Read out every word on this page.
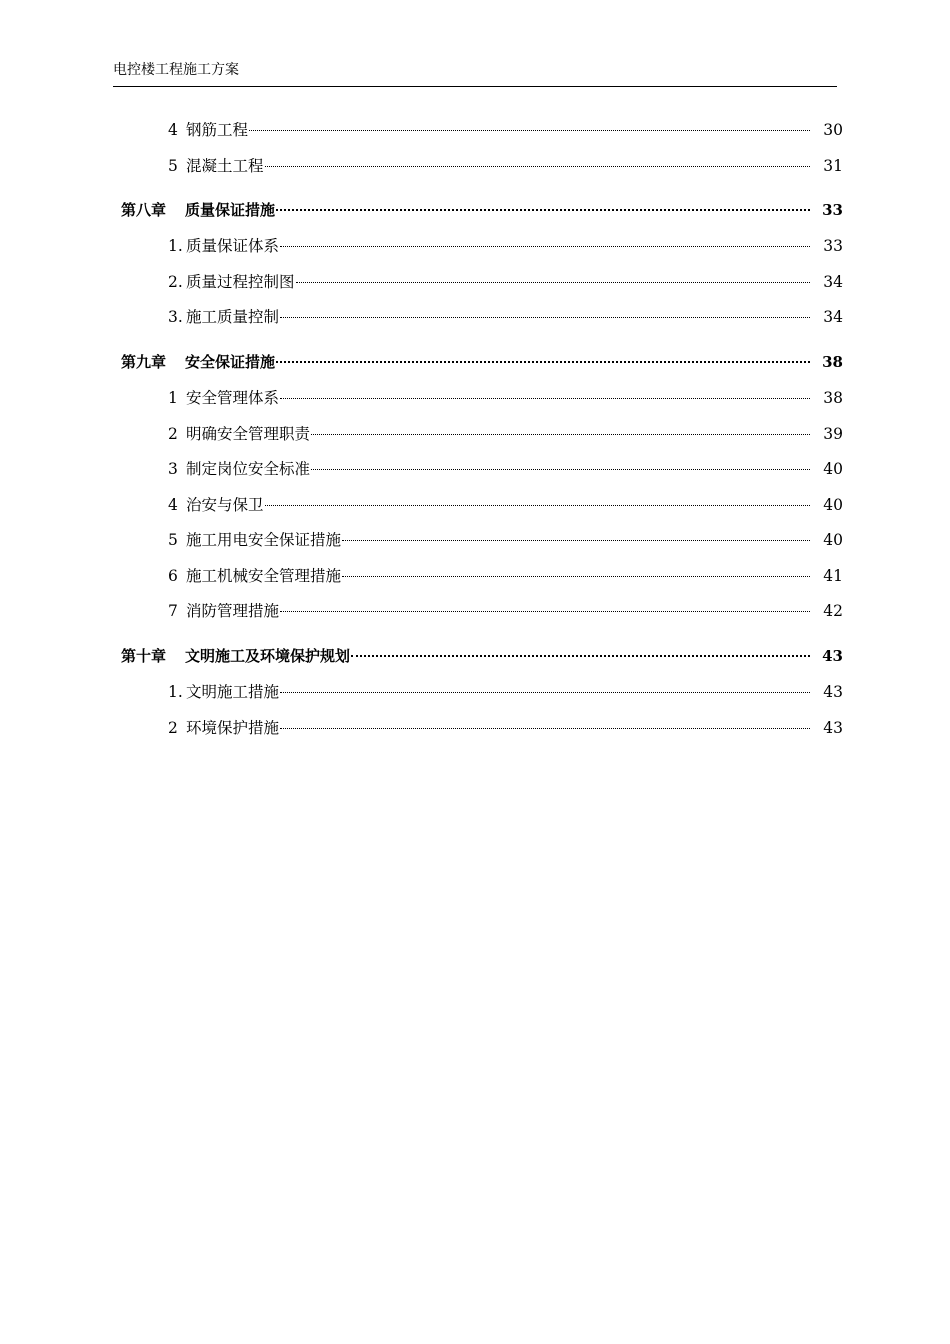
电控楼工程施工方案
4 钢筋工程	30
5 混凝土工程	31
第八章	质量保证措施	33
1. 质量保证体系	33
2. 质量过程控制图	34
3. 施工质量控制	34
第九章	安全保证措施	38
1 安全管理体系	38
2 明确安全管理职责	39
3 制定岗位安全标准	40
4 治安与保卫	40
5 施工用电安全保证措施	40
6 施工机械安全管理措施	41
7 消防管理措施	42
第十章	文明施工及环境保护规划	43
1. 文明施工措施	43
2 环境保护措施	43
